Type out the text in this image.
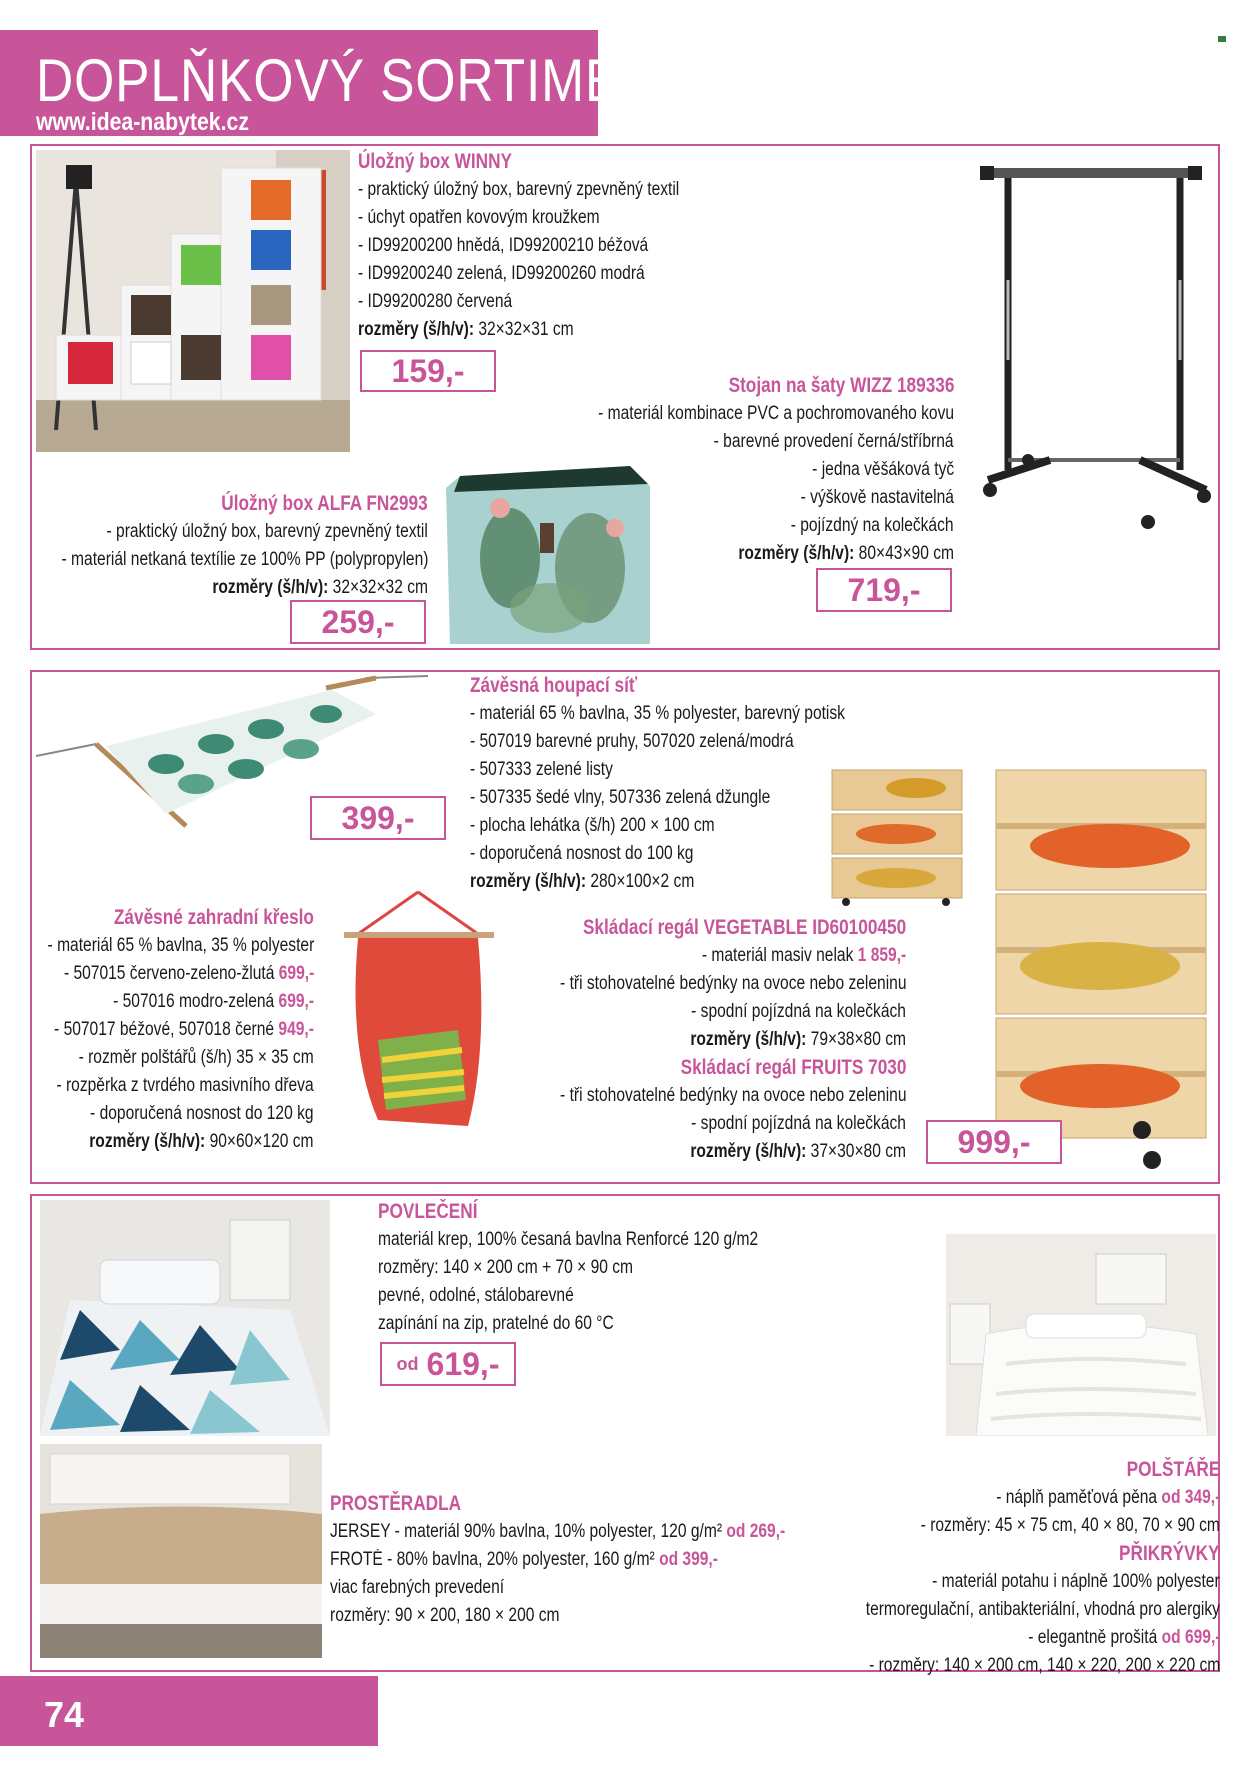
DOPLŇKOVÝ SORTIMENT
www.idea-nabytek.cz
Úložný box WINNY
- praktický úložný box, barevný zpevněný textil
- úchyt opatřen kovovým kroužkem
- ID99200200 hnědá, ID99200210 béžová
- ID99200240 zelená, ID99200260 modrá
- ID99200280 červená
rozměry (š/h/v): 32×32×31 cm
159,-	Stojan na šaty WIZZ 189336
- materiál kombinace PVC a pochromovaného kovu
- barevné provedení černá/stříbrná
- jedna věšáková tyč
- výškově nastavitelná
- pojízdný na kolečkách
rozměry (š/h/v): 80×43×90 cm
719,-
Úložný box ALFA FN2993
- praktický úložný box, barevný zpevněný textil
- materiál netkaná textílie ze 100% PP (polypropylen)
rozměry (š/h/v): 32×32×32 cm
259,-
399,-
Závěsná houpací síť
- materiál 65 % bavlna, 35 % polyester, barevný potisk
- 507019 barevné pruhy, 507020 zelená/modrá
- 507333 zelené listy
- 507335 šedé vlny, 507336 zelená džungle
- plocha lehátka (š/h) 200 × 100 cm
- doporučená nosnost do 100 kg
rozměry (š/h/v): 280×100×2 cm
Závěsné zahradní křeslo
- materiál 65 % bavlna, 35 % polyester
- 507015 červeno-zeleno-žlutá 699,-
- 507016 modro-zelená 699,-
- 507017 béžové, 507018 černé 949,-
- rozměr polštářů (š/h) 35 × 35 cm
- rozpěrka z tvrdého masivního dřeva
- doporučená nosnost do 120 kg
rozměry (š/h/v): 90×60×120 cm
Skládací regál VEGETABLE ID60100450
- materiál masiv nelak 1 859,-
- tři stohovatelné bedýnky na ovoce nebo zeleninu
- spodní pojízdná na kolečkách
rozměry (š/h/v): 79×38×80 cm
Skládací regál FRUITS 7030
- tři stohovatelné bedýnky na ovoce nebo zeleninu
- spodní pojízdná na kolečkách
rozměry (š/h/v): 37×30×80 cm	999,-
POVLEČENÍ
materiál krep, 100% česaná bavlna Renforcé 120 g/m2
rozměry: 140 × 200 cm + 70 × 90 cm
pevné, odolné, stálobarevné
zapínání na zip, pratelné do 60 °C
od 619,-
PROSTĚRADLA
JERSEY - materiál 90% bavlna, 10% polyester, 120 g/m² od 269,-
FROTÉ - 80% bavlna, 20% polyester, 160 g/m² od 399,-
viac farebných prevedení
rozměry: 90 × 200, 180 × 200 cm
POLŠTÁŘE
- náplň paměťová pěna od 349,-
- rozměry: 45 × 75 cm, 40 × 80, 70 × 90 cm
PŘIKRÝVKY
- materiál potahu i náplně 100% polyester
termoregulační, antibakteriální, vhodná pro alergiky
- elegantně prošitá od 699,-
- rozměry: 140 × 200 cm, 140 × 220, 200 × 220 cm
74
